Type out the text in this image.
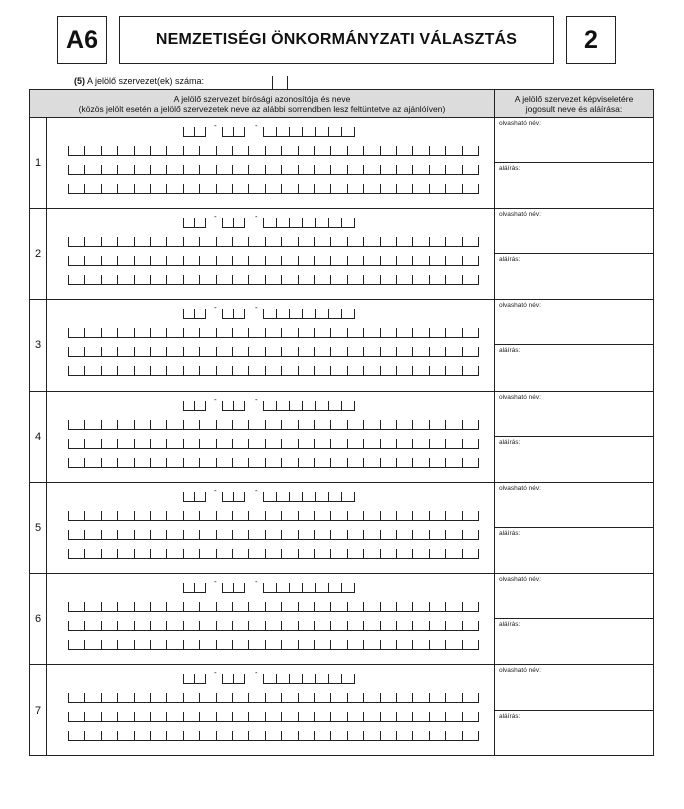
A6	NEMZETISÉGI ÖNKORMÁNYZATI VÁLASZTÁS	2
(5) A jelölő szervezet(ek) száma:
A jelölő szervezet bírósági azonosítója és neve
(közös jelölt esetén a jelölő szervezetek neve az alábbi sorrendben lesz feltüntetve az ajánlóíven)
A jelölő szervezet képviseletére
jogosult neve és aláírása:
1
-	-	olvasható név:
aláírás:
2
-	-	olvasható név:
aláírás:
3
-	-	olvasható név:
aláírás:
4
-	-	olvasható név:
aláírás:
5
-	-	olvasható név:
aláírás:
6
-	-	olvasható név:
aláírás:
7
-	-	olvasható név:
aláírás:
